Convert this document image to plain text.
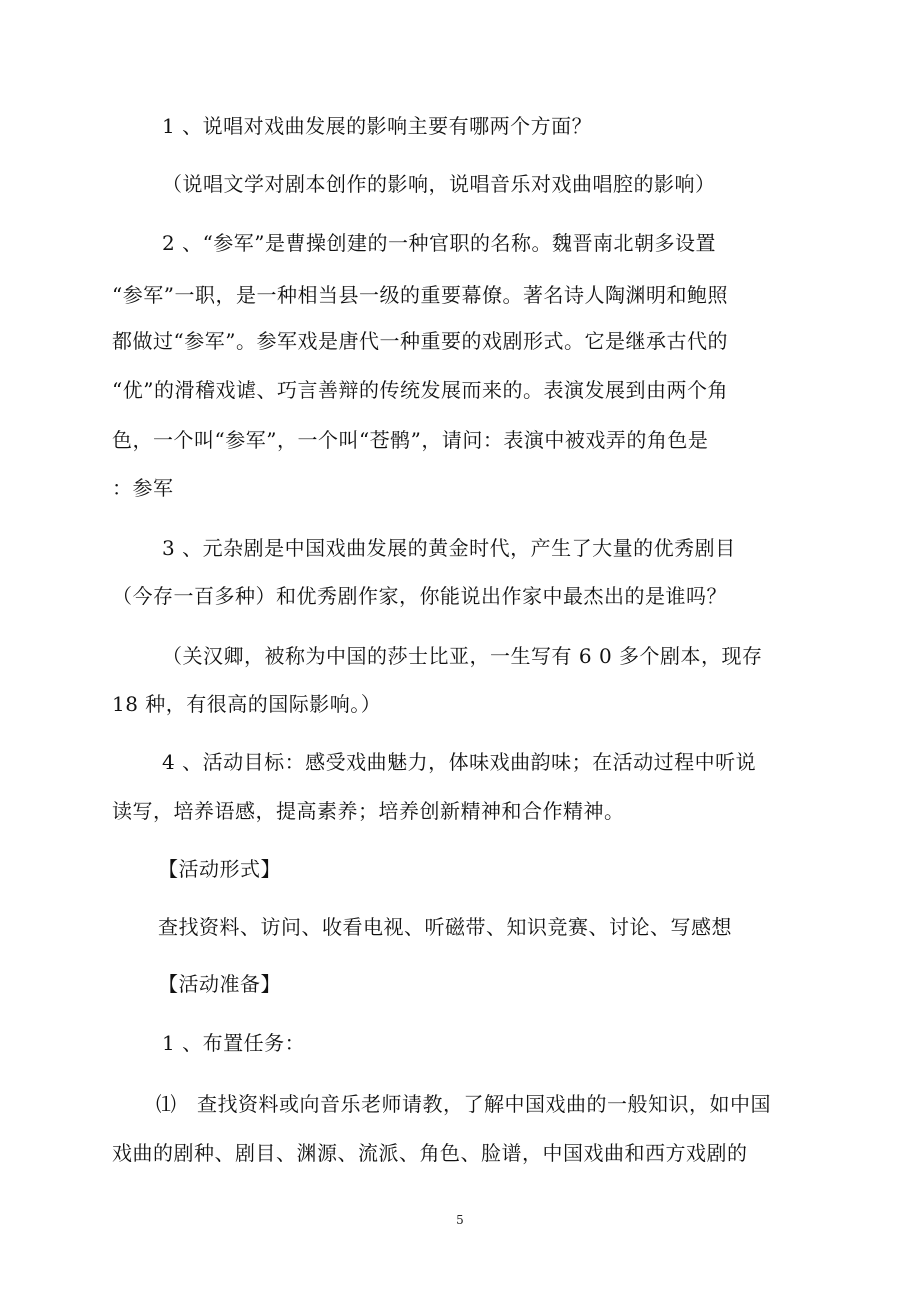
1 、说唱对戏曲发展的影响主要有哪两个方面？
（说唱文学对剧本创作的影响，说唱音乐对戏曲唱腔的影响）
2 、“参军”是曹操创建的一种官职的名称。魏晋南北朝多设置
“参军”一职，是一种相当县一级的重要幕僚。著名诗人陶渊明和鲍照
都做过“参军”。参军戏是唐代一种重要的戏剧形式。它是继承古代的
“优”的滑稽戏谑、巧言善辩的传统发展而来的。表演发展到由两个角
色，一个叫“参军”，一个叫“苍鹘”，请问：表演中被戏弄的角色是
：参军
3 、元杂剧是中国戏曲发展的黄金时代，产生了大量的优秀剧目
（今存一百多种）和优秀剧作家，你能说出作家中最杰出的是谁吗？
（关汉卿，被称为中国的莎士比亚，一生写有 6 0 多个剧本，现存
18 种，有很高的国际影响。）
4 、活动目标：感受戏曲魅力，体味戏曲韵味；在活动过程中听说
读写，培养语感，提高素养；培养创新精神和合作精神。
【活动形式】
查找资料、访问、收看电视、听磁带、知识竞赛、讨论、写感想
【活动准备】
1 、布置任务：
⑴　查找资料或向音乐老师请教，了解中国戏曲的一般知识，如中国
戏曲的剧种、剧目、渊源、流派、角色、脸谱，中国戏曲和西方戏剧的
5
